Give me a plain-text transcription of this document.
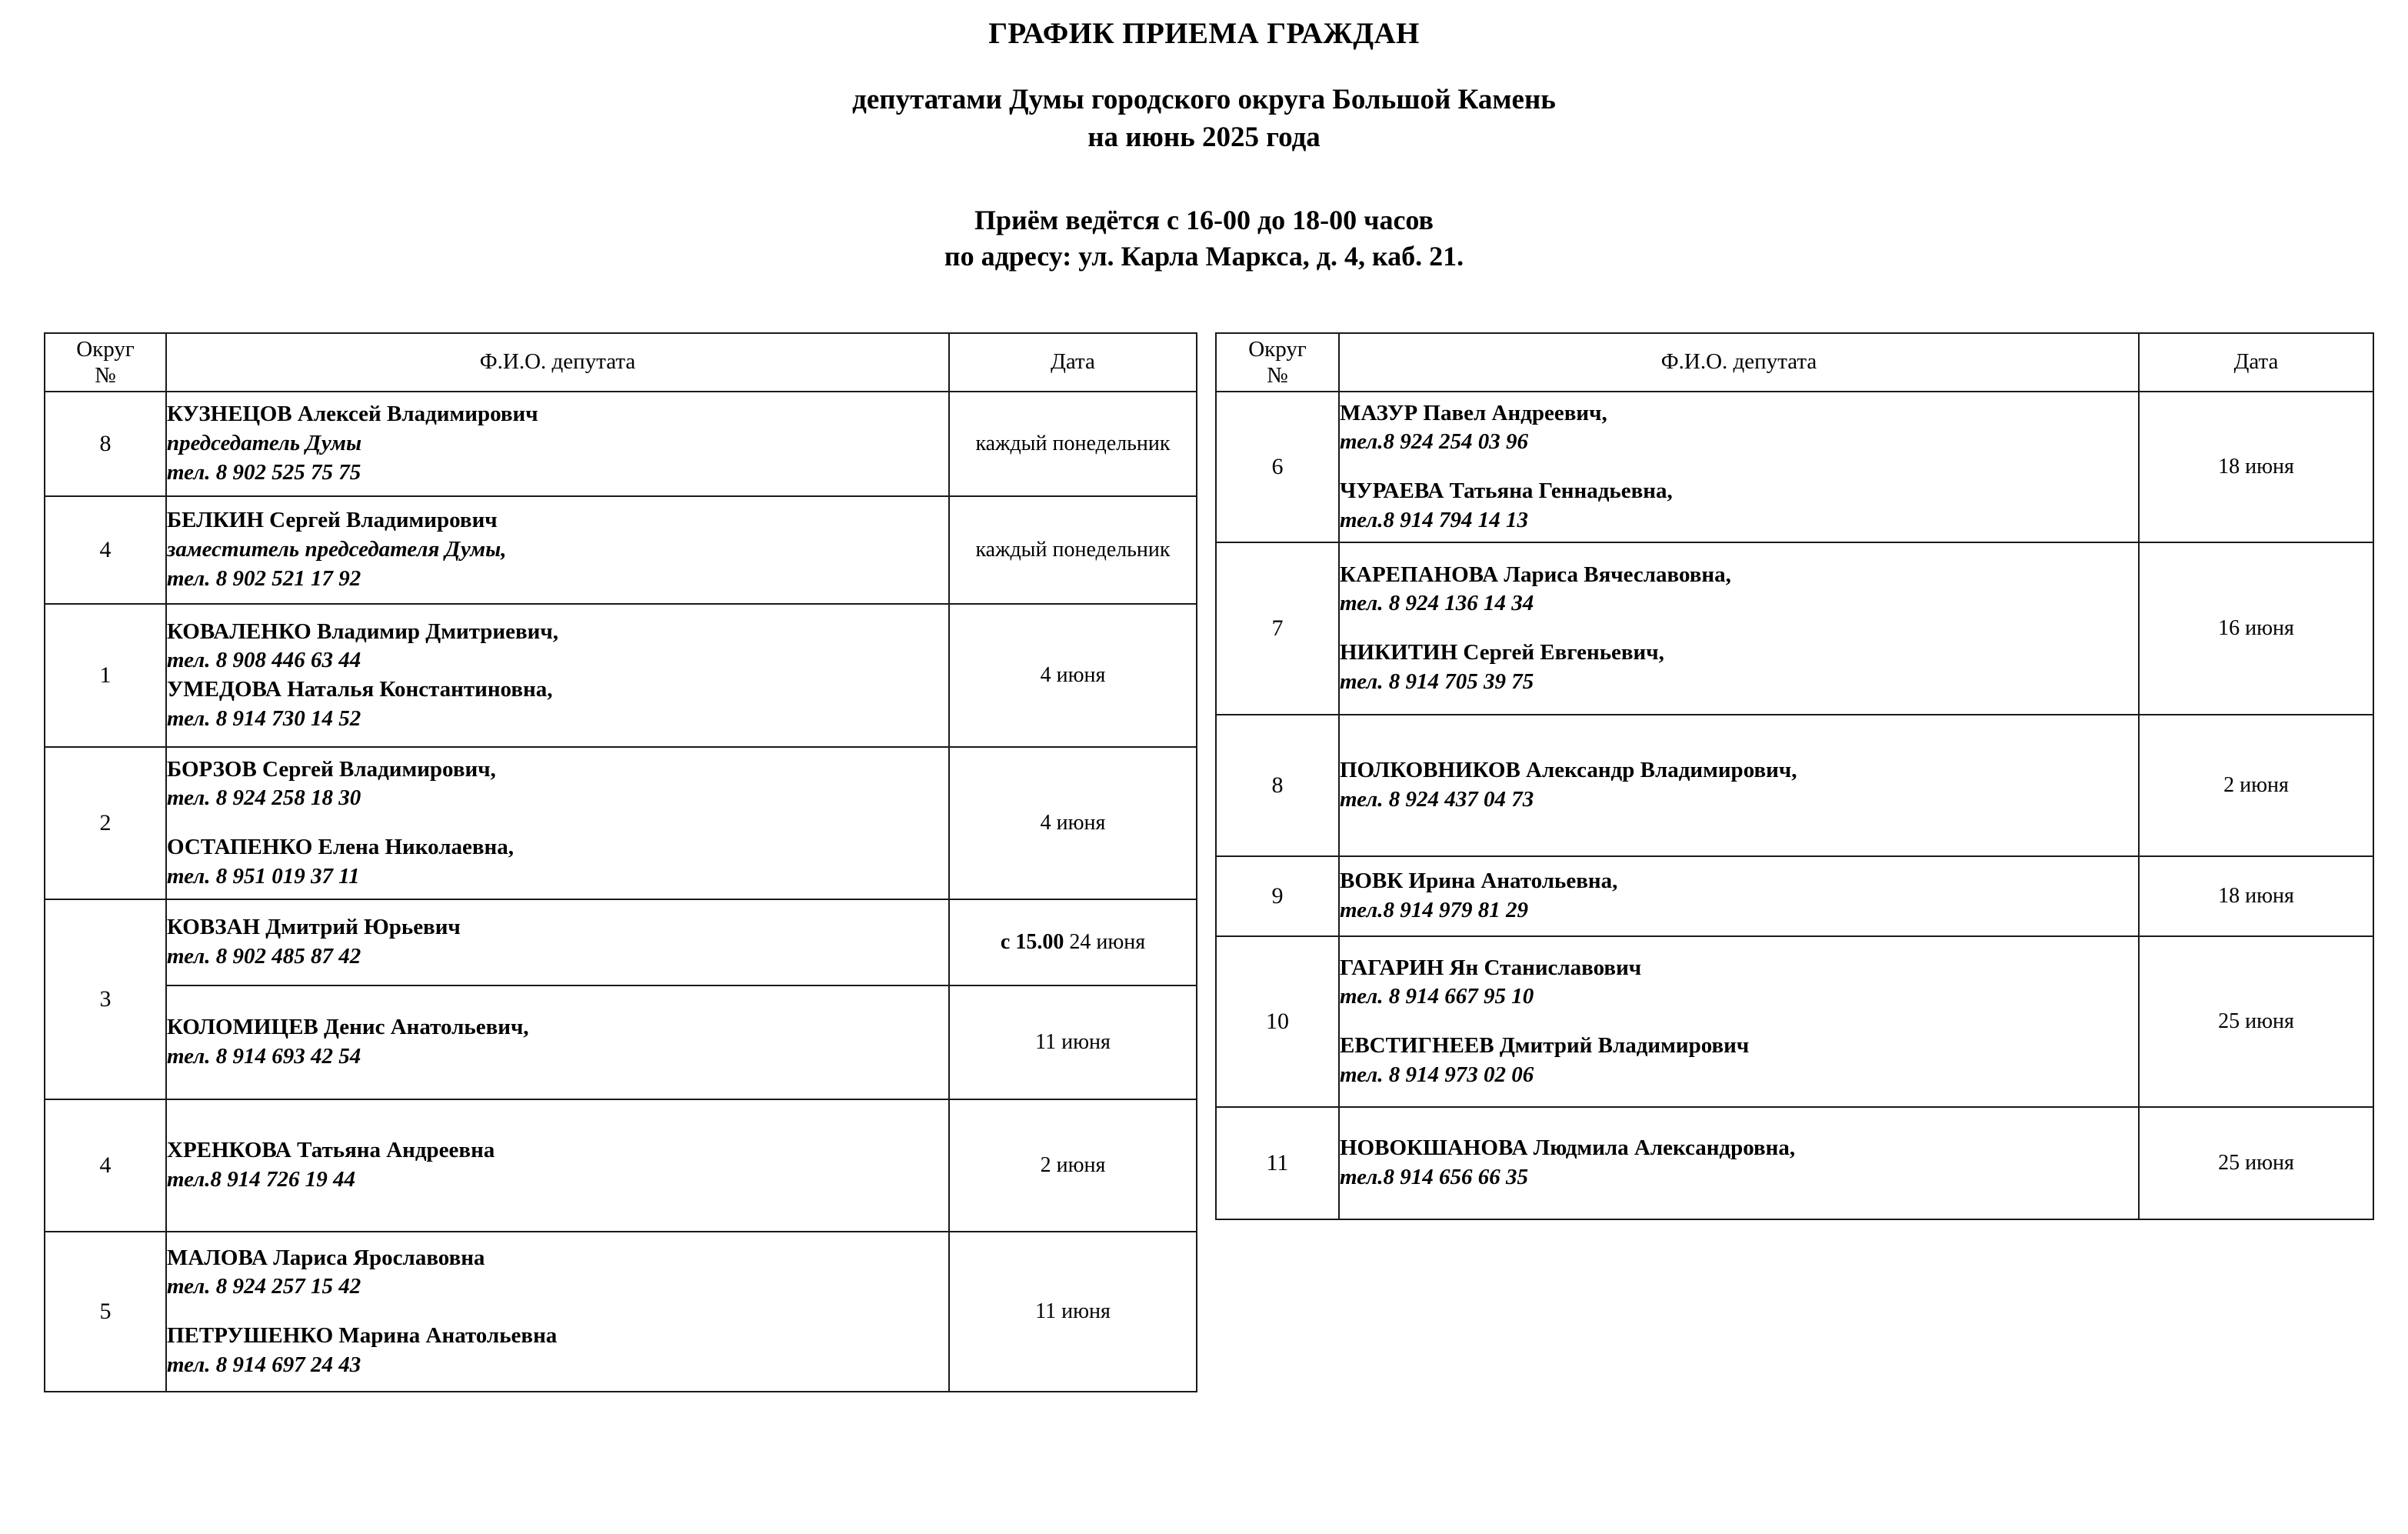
ГРАФИК ПРИЕМА ГРАЖДАН
депутатами Думы городского округа Большой Камень
на июнь 2025 года
Приём ведётся с 16-00 до 18-00 часов
по адресу: ул. Карла Маркса, д. 4, каб. 21.
Округ
№	Ф.И.О. депутата	Дата
8	КУЗНЕЦОВ Алексей Владимирович
председатель Думы
тел. 8 902 525 75 75	каждый понедельник
4	БЕЛКИН Сергей Владимирович
заместитель председателя Думы,
тел. 8 902 521 17 92	каждый понедельник
1	КОВАЛЕНКО Владимир Дмитриевич,
тел. 8 908 446 63 44
УМЕДОВА Наталья Константиновна,
тел. 8 914 730 14 52	4 июня
2	БОРЗОВ Сергей Владимирович,
тел. 8 924 258 18 30
ОСТАПЕНКО Елена Николаевна,
тел. 8 951 019 37 11	4 июня
3	КОВЗАН Дмитрий Юрьевич
тел. 8 902 485 87 42	с 15.00 24 июня

	КОЛОМИЦЕВ Денис Анатольевич,
тел. 8 914 693 42 54	11 июня
4	ХРЕНКОВА Татьяна Андреевна
тел.8 914 726 19 44	2 июня
5	МАЛОВА Лариса Ярославовна
тел. 8 924 257 15 42
ПЕТРУШЕНКО Марина Анатольевна
тел. 8 914 697 24 43	11 июня
Округ
№	Ф.И.О. депутата	Дата
6	МАЗУР Павел Андреевич,
тел.8 924 254 03 96
ЧУРАЕВА Татьяна Геннадьевна,
тел.8 914 794 14 13	18 июня
7	КАРЕПАНОВА Лариса Вячеславовна,
тел. 8 924 136 14 34
НИКИТИН Сергей Евгеньевич,
тел. 8 914 705 39 75	16 июня
8	ПОЛКОВНИКОВ Александр Владимирович,
тел. 8 924 437 04 73	2 июня
9	ВОВК Ирина Анатольевна,
тел.8 914 979 81 29	18 июня
10	ГАГАРИН Ян Станиславович
тел. 8 914 667 95 10
ЕВСТИГНЕЕВ Дмитрий Владимирович
тел. 8 914 973 02 06	25 июня
11	НОВОКШАНОВА Людмила Александровна,
тел.8 914 656 66 35	25 июня
